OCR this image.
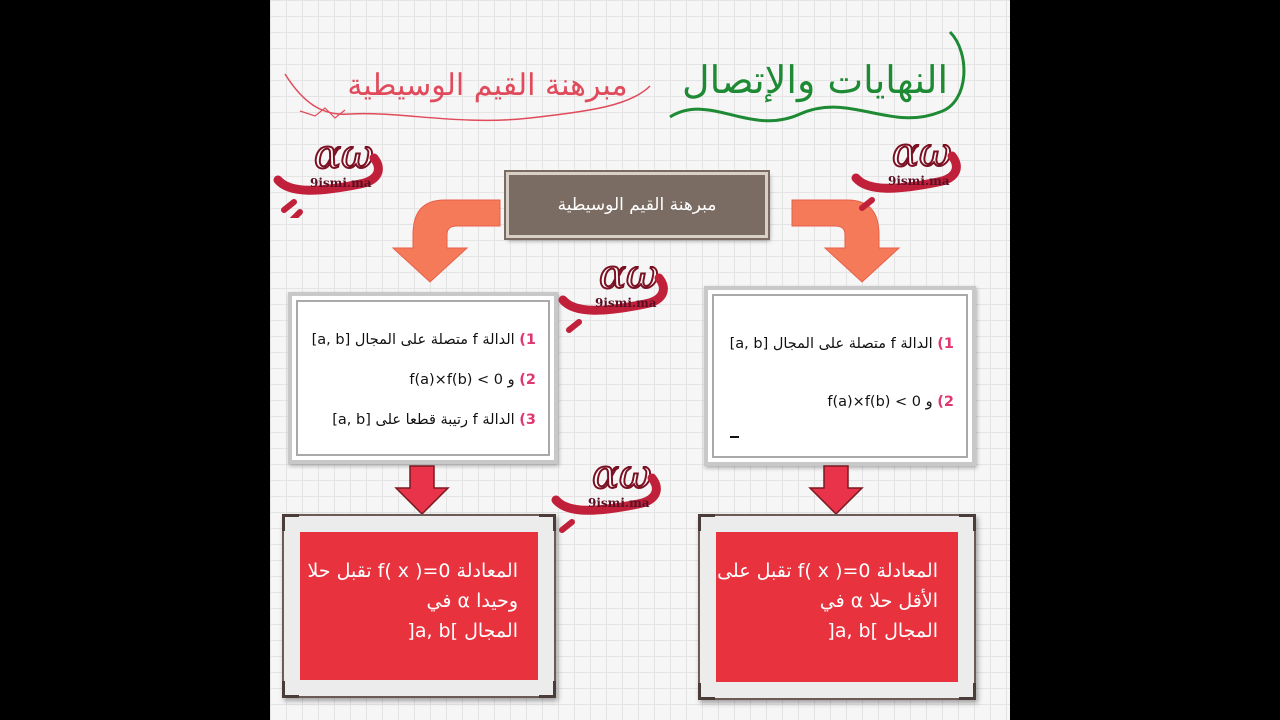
النهايات والإتصال
مبرهنة القيم الوسيطية
مبرهنة القيم الوسيطية
1) الدالة f متصلة على المجال [a, b]
2) و f(a)×f(b) < 0
3) الدالة f رتيبة قطعا على [a, b]
1) الدالة f متصلة على المجال [a, b]
2) و f(a)×f(b) < 0
المعادلة f( x )=0 تقبل حلا
وحيدا α في
المجال ]a, b[
المعادلة f( x )=0 تقبل على
الأقل حلا α في
المجال ]a, b[
αω
9ismi.ma
αω
9ismi.ma
αω
9ismi.ma
αω
9ismi.ma
